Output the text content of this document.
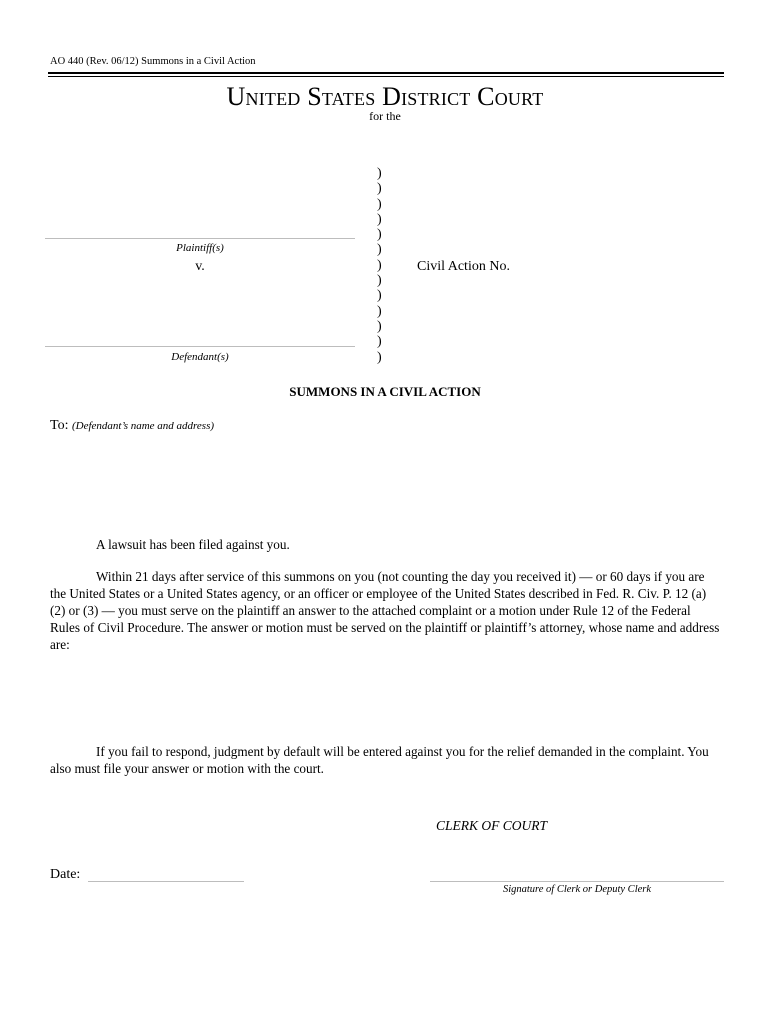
AO 440 (Rev. 06/12) Summons in a Civil Action
United States District Court
for the
Plaintiff(s)
v.
Defendant(s)
)
)
)
)
)
)
)
)
)
)
)
)
)
Civil Action No.
SUMMONS IN A CIVIL ACTION
To: (Defendant’s name and address)
A lawsuit has been filed against you.
Within 21 days after service of this summons on you (not counting the day you received it) — or 60 days if you are the United States or a United States agency, or an officer or employee of the United States described in Fed. R. Civ. P. 12 (a)(2) or (3) — you must serve on the plaintiff an answer to the attached complaint or a motion under Rule 12 of the Federal Rules of Civil Procedure. The answer or motion must be served on the plaintiff or plaintiff’s attorney, whose name and address are:
If you fail to respond, judgment by default will be entered against you for the relief demanded in the complaint. You also must file your answer or motion with the court.
CLERK OF COURT
Date:
Signature of Clerk or Deputy Clerk
